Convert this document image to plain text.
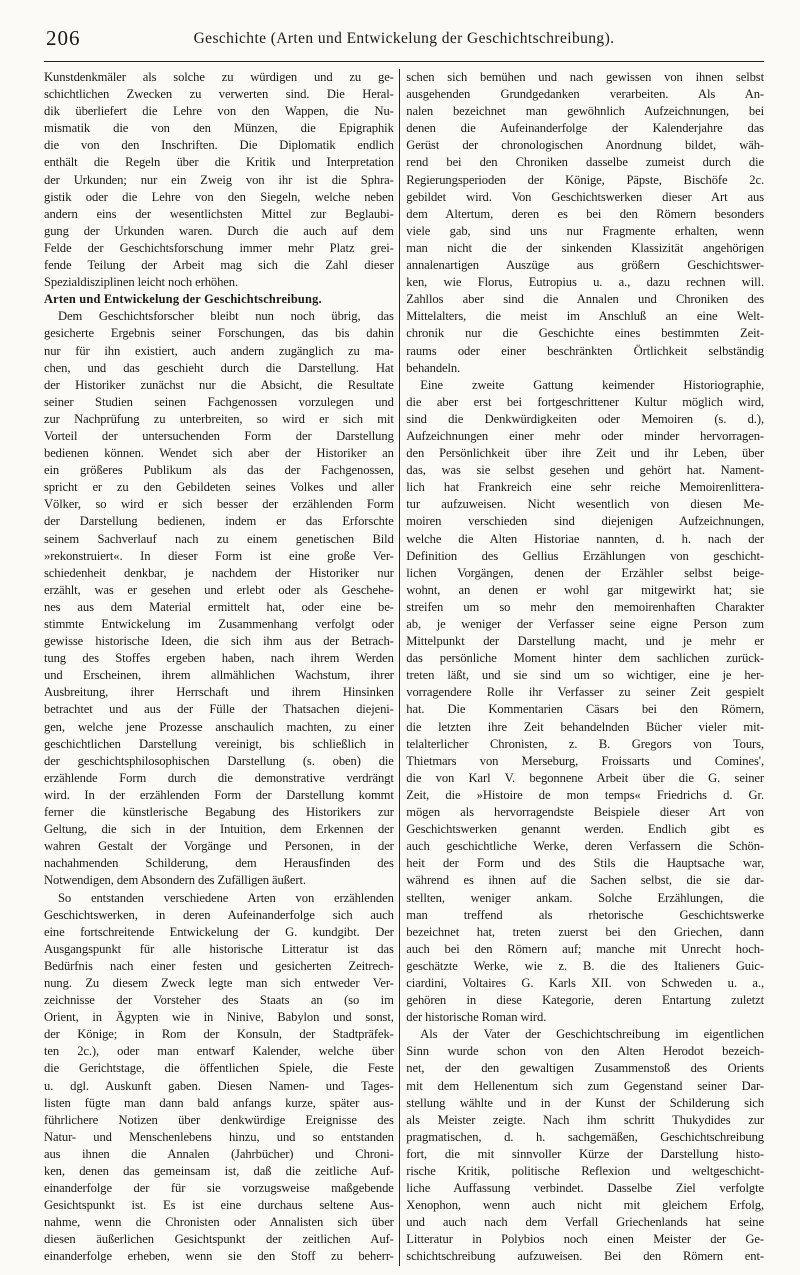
206	Geschichte (Arten und Entwickelung der Geschichtschreibung).
Kunstdenkmäler als solche zu würdigen und zu ge-
schichtlichen Zwecken zu verwerten sind. Die Heral-
dik überliefert die Lehre von den Wappen, die Nu-
mismatik die von den Münzen, die Epigraphik
die von den Inschriften. Die Diplomatik endlich
enthält die Regeln über die Kritik und Interpretation
der Urkunden; nur ein Zweig von ihr ist die Sphra-
gistik oder die Lehre von den Siegeln, welche neben
andern eins der wesentlichsten Mittel zur Beglaubi-
gung der Urkunden waren. Durch die auch auf dem
Felde der Geschichtsforschung immer mehr Platz grei-
fende Teilung der Arbeit mag sich die Zahl dieser
Spezialdisziplinen leicht noch erhöhen.
Arten und Entwickelung der Geschichtschreibung.
Dem Geschichtsforscher bleibt nun noch übrig, das
gesicherte Ergebnis seiner Forschungen, das bis dahin
nur für ihn existiert, auch andern zugänglich zu ma-
chen, und das geschieht durch die Darstellung. Hat
der Historiker zunächst nur die Absicht, die Resultate
seiner Studien seinen Fachgenossen vorzulegen und
zur Nachprüfung zu unterbreiten, so wird er sich mit
Vorteil der untersuchenden Form der Darstellung
bedienen können. Wendet sich aber der Historiker an
ein größeres Publikum als das der Fachgenossen,
spricht er zu den Gebildeten seines Volkes und aller
Völker, so wird er sich besser der erzählenden Form
der Darstellung bedienen, indem er das Erforschte
seinem Sachverlauf nach zu einem genetischen Bild
»rekonstruiert«. In dieser Form ist eine große Ver-
schiedenheit denkbar, je nachdem der Historiker nur
erzählt, was er gesehen und erlebt oder als Geschehe-
nes aus dem Material ermittelt hat, oder eine be-
stimmte Entwickelung im Zusammenhang verfolgt oder
gewisse historische Ideen, die sich ihm aus der Betrach-
tung des Stoffes ergeben haben, nach ihrem Werden
und Erscheinen, ihrem allmählichen Wachstum, ihrer
Ausbreitung, ihrer Herrschaft und ihrem Hinsinken
betrachtet und aus der Fülle der Thatsachen diejeni-
gen, welche jene Prozesse anschaulich machten, zu einer
geschichtlichen Darstellung vereinigt, bis schließlich in
der geschichtsphilosophischen Darstellung (s. oben) die
erzählende Form durch die demonstrative verdrängt
wird. In der erzählenden Form der Darstellung kommt
ferner die künstlerische Begabung des Historikers zur
Geltung, die sich in der Intuition, dem Erkennen der
wahren Gestalt der Vorgänge und Personen, in der
nachahmenden Schilderung, dem Herausfinden des
Notwendigen, dem Absondern des Zufälligen äußert.
So entstanden verschiedene Arten von erzählenden
Geschichtswerken, in deren Aufeinanderfolge sich auch
eine fortschreitende Entwickelung der G. kundgibt. Der
Ausgangspunkt für alle historische Litteratur ist das
Bedürfnis nach einer festen und gesicherten Zeitrech-
nung. Zu diesem Zweck legte man sich entweder Ver-
zeichnisse der Vorsteher des Staats an (so im
Orient, in Ägypten wie in Ninive, Babylon und sonst,
der Könige; in Rom der Konsuln, der Stadtpräfek-
ten 2c.), oder man entwarf Kalender, welche über
die Gerichtstage, die öffentlichen Spiele, die Feste
u. dgl. Auskunft gaben. Diesen Namen- und Tages-
listen fügte man dann bald anfangs kurze, später aus-
führlichere Notizen über denkwürdige Ereignisse des
Natur- und Menschenlebens hinzu, und so entstanden
aus ihnen die Annalen (Jahrbücher) und Chroni-
ken, denen das gemeinsam ist, daß die zeitliche Auf-
einanderfolge der für sie vorzugsweise maßgebende
Gesichtspunkt ist. Es ist eine durchaus seltene Aus-
nahme, wenn die Chronisten oder Annalisten sich über
diesen äußerlichen Gesichtspunkt der zeitlichen Auf-
einanderfolge erheben, wenn sie den Stoff zu beherr-
schen sich bemühen und nach gewissen von ihnen selbst
ausgehenden Grundgedanken verarbeiten. Als An-
nalen bezeichnet man gewöhnlich Aufzeichnungen, bei
denen die Aufeinanderfolge der Kalenderjahre das
Gerüst der chronologischen Anordnung bildet, wäh-
rend bei den Chroniken dasselbe zumeist durch die
Regierungsperioden der Könige, Päpste, Bischöfe 2c.
gebildet wird. Von Geschichtswerken dieser Art aus
dem Altertum, deren es bei den Römern besonders
viele gab, sind uns nur Fragmente erhalten, wenn
man nicht die der sinkenden Klassizität angehörigen
annalenartigen Auszüge aus größern Geschichtswer-
ken, wie Florus, Eutropius u. a., dazu rechnen will.
Zahllos aber sind die Annalen und Chroniken des
Mittelalters, die meist im Anschluß an eine Welt-
chronik nur die Geschichte eines bestimmten Zeit-
raums oder einer beschränkten Örtlichkeit selbständig
behandeln.
Eine zweite Gattung keimender Historiographie,
die aber erst bei fortgeschrittener Kultur möglich wird,
sind die Denkwürdigkeiten oder Memoiren (s. d.),
Aufzeichnungen einer mehr oder minder hervorragen-
den Persönlichkeit über ihre Zeit und ihr Leben, über
das, was sie selbst gesehen und gehört hat. Nament-
lich hat Frankreich eine sehr reiche Memoirenlittera-
tur aufzuweisen. Nicht wesentlich von diesen Me-
moiren verschieden sind diejenigen Aufzeichnungen,
welche die Alten Historiae nannten, d. h. nach der
Definition des Gellius Erzählungen von geschicht-
lichen Vorgängen, denen der Erzähler selbst beige-
wohnt, an denen er wohl gar mitgewirkt hat; sie
streifen um so mehr den memoirenhaften Charakter
ab, je weniger der Verfasser seine eigne Person zum
Mittelpunkt der Darstellung macht, und je mehr er
das persönliche Moment hinter dem sachlichen zurück-
treten läßt, und sie sind um so wichtiger, eine je her-
vorragendere Rolle ihr Verfasser zu seiner Zeit gespielt
hat. Die Kommentarien Cäsars bei den Römern,
die letzten ihre Zeit behandelnden Bücher vieler mit-
telalterlicher Chronisten, z. B. Gregors von Tours,
Thietmars von Merseburg, Froissarts und Comines',
die von Karl V. begonnene Arbeit über die G. seiner
Zeit, die »Histoire de mon temps« Friedrichs d. Gr.
mögen als hervorragendste Beispiele dieser Art von
Geschichtswerken genannt werden. Endlich gibt es
auch geschichtliche Werke, deren Verfassern die Schön-
heit der Form und des Stils die Hauptsache war,
während es ihnen auf die Sachen selbst, die sie dar-
stellten, weniger ankam. Solche Erzählungen, die
man treffend als rhetorische Geschichtswerke
bezeichnet hat, treten zuerst bei den Griechen, dann
auch bei den Römern auf; manche mit Unrecht hoch-
geschätzte Werke, wie z. B. die des Italieners Guic-
ciardini, Voltaires G. Karls XII. von Schweden u. a.,
gehören in diese Kategorie, deren Entartung zuletzt
der historische Roman wird.
Als der Vater der Geschichtschreibung im eigentlichen
Sinn wurde schon von den Alten Herodot bezeich-
net, der den gewaltigen Zusammenstoß des Orients
mit dem Hellenentum sich zum Gegenstand seiner Dar-
stellung wählte und in der Kunst der Schilderung sich
als Meister zeigte. Nach ihm schritt Thukydides zur
pragmatischen, d. h. sachgemäßen, Geschichtschreibung
fort, die mit sinnvoller Kürze der Darstellung histo-
rische Kritik, politische Reflexion und weltgeschicht-
liche Auffassung verbindet. Dasselbe Ziel verfolgte
Xenophon, wenn auch nicht mit gleichem Erfolg,
und auch nach dem Verfall Griechenlands hat seine
Litteratur in Polybios noch einen Meister der Ge-
schichtschreibung aufzuweisen. Bei den Römern ent-
